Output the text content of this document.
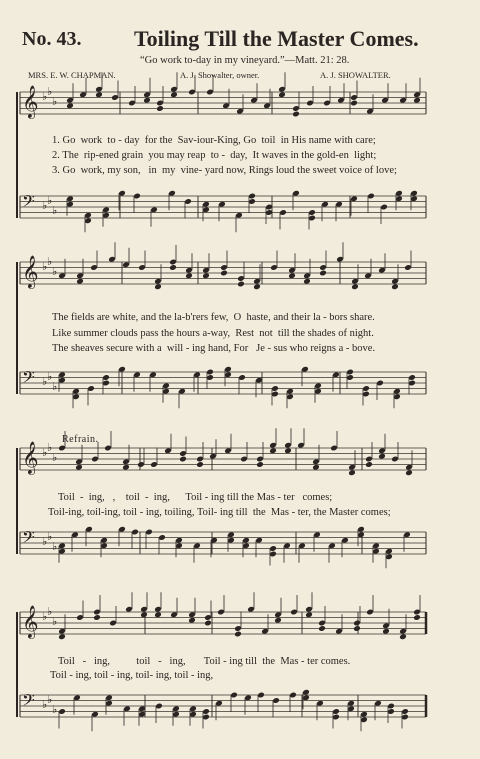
No. 43. Toiling Till the Master Comes.
“Go work to-day in my vineyard.”—Matt. 21: 28.
MRS. E. W. CHAPMAN.	A. J. Showalter, owner.	A. J. SHOWALTER.
𝄞 ♭ ♭
♭
𝄢 ♭ ♭
♭
𝄞 ♭ ♭
♭
𝄢 ♭ ♭
♭
𝄞 ♭ ♭
♭
𝄢 ♭ ♭
♭
𝄞 ♭ ♭
♭
𝄢 ♭ ♭
♭
1. Go  work  to - day  for the  Sav-iour-King, Go  toil  in His name with care;
2. The  rip-ened grain  you may reap  to -  day,  It waves in the gold-en  light;
3. Go  work, my son,   in  my  vine- yard now, Rings loud the sweet voice of love;
The fields are white, and the la-b'rers few,  O  haste, and their la - bors share.
Like summer clouds pass the hours a-way,  Rest  not  till the shades of night.
The sheaves secure with a  will - ing hand, For   Je - sus who reigns a - bove.
Refrain.
Toil  -  ing,   ,    toil  -  ing,      Toil - ing till the Mas - ter   comes;
Toil-ing, toil-ing, toil - ing, toiling, Toil- ing till  the  Mas - ter, the Master comes;
Toil   -   ing,          toil   -   ing,       Toil - ing till  the  Mas - ter comes.
Toil - ing, toil - ing, toil- ing, toil - ing,
